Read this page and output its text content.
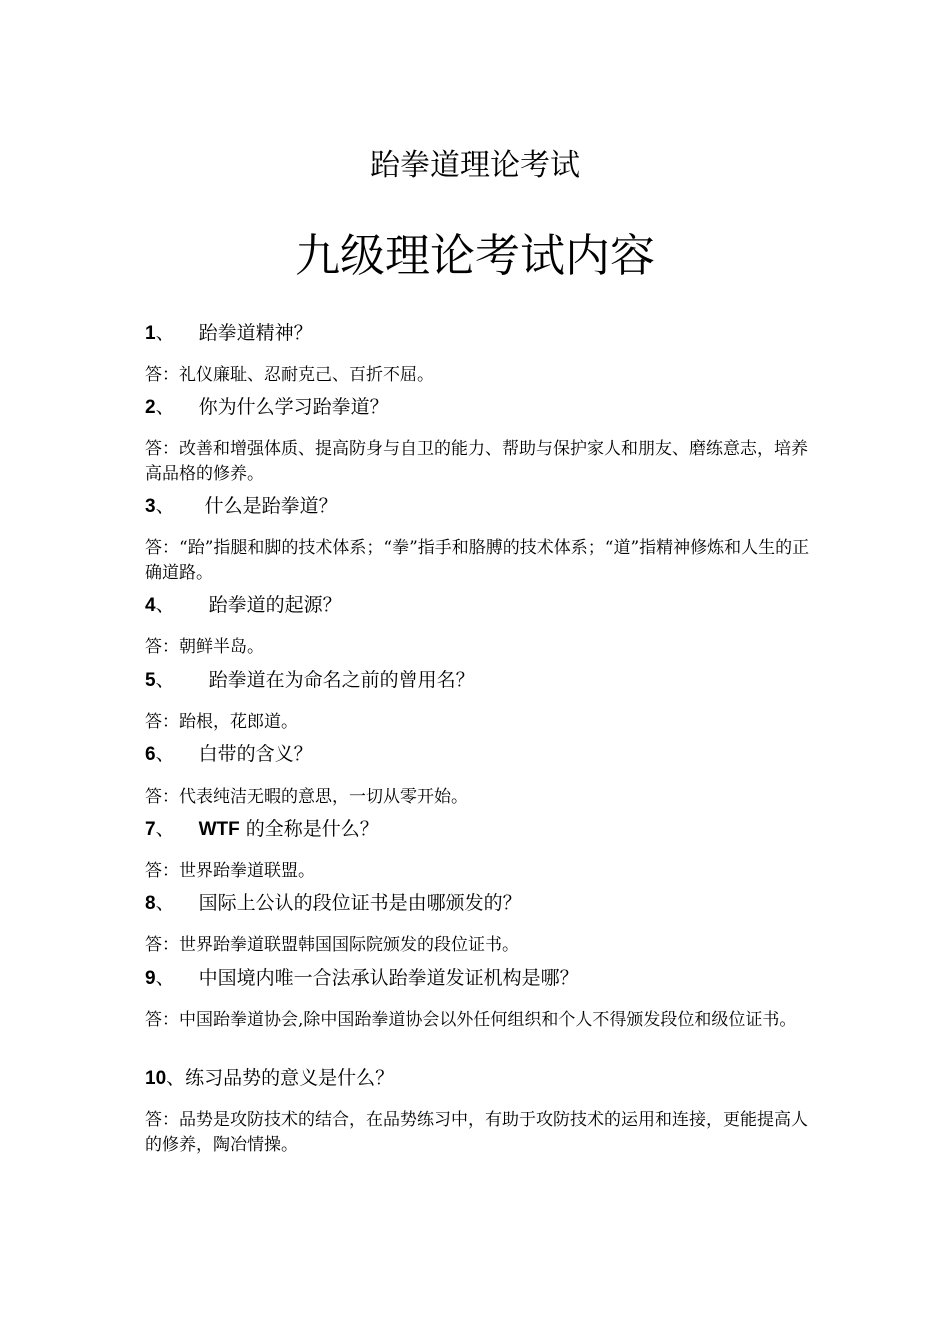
跆拳道理论考试
九级理论考试内容
1、 跆拳道精神？
答：礼仪廉耻、忍耐克己、百折不屈。
2、 你为什么学习跆拳道？
答：改善和增强体质、提高防身与自卫的能力、帮助与保护家人和朋友、磨练意志，培养高品格的修养。
3、 什么是跆拳道？
答：“跆”指腿和脚的技术体系；“拳”指手和胳膊的技术体系；“道”指精神修炼和人生的正确道路。
4、 跆拳道的起源？
答：朝鲜半岛。
5、 跆拳道在为命名之前的曾用名？
答：跆根，花郎道。
6、 白带的含义？
答：代表纯洁无暇的意思，一切从零开始。
7、 WTF 的全称是什么？
答：世界跆拳道联盟。
8、 国际上公认的段位证书是由哪颁发的？
答：世界跆拳道联盟韩国国际院颁发的段位证书。
9、 中国境内唯一合法承认跆拳道发证机构是哪？
答：中国跆拳道协会,除中国跆拳道协会以外任何组织和个人不得颁发段位和级位证书。
10、练习品势的意义是什么？
答：品势是攻防技术的结合，在品势练习中，有助于攻防技术的运用和连接，更能提高人的修养，陶冶情操。
